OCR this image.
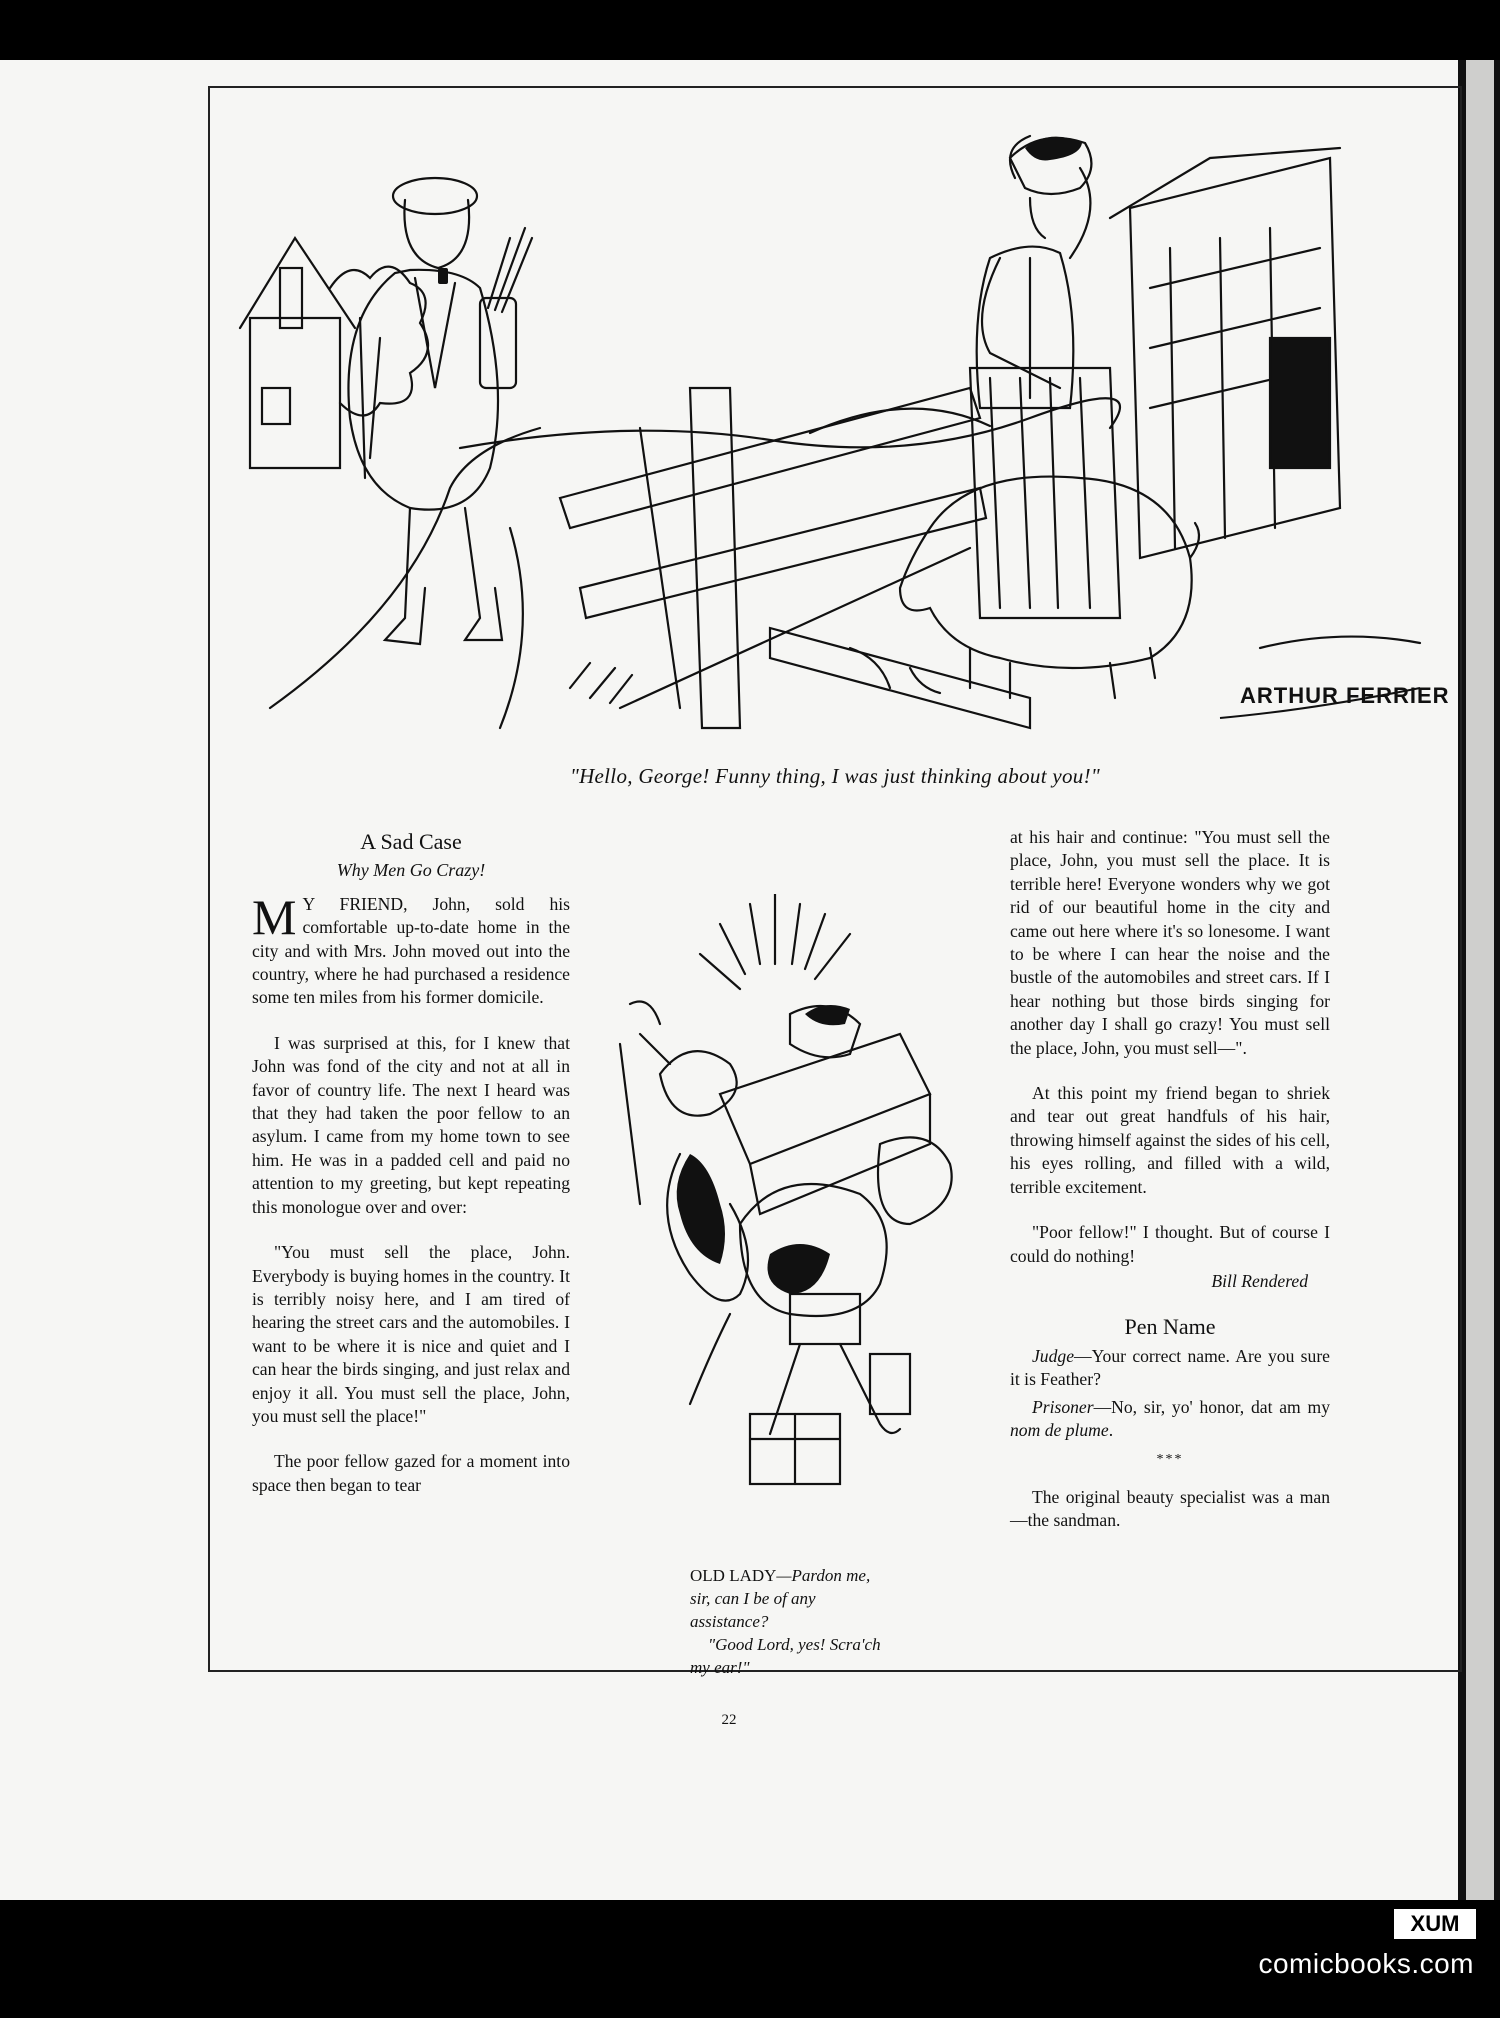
ARTHUR FERRIER
"Hello, George! Funny thing, I was just thinking about you!"
A Sad Case
Why Men Go Crazy!

M Y FRIEND, John, sold his comfortable up-to-date home in the city and with Mrs. John moved out into the country, where he had purchased a residence some ten miles from his former domicile.

I was surprised at this, for I knew that John was fond of the city and not at all in favor of country life. The next I heard was that they had taken the poor fellow to an asylum. I came from my home town to see him. He was in a padded cell and paid no attention to my greeting, but kept repeating this monologue over and over:

"You must sell the place, John. Everybody is buying homes in the country. It is terribly noisy here, and I am tired of hearing the street cars and the automobiles. I want to be where it is nice and quiet and I can hear the birds singing, and just relax and enjoy it all. You must sell the place, John, you must sell the place!"

The poor fellow gazed for a moment into space then began to tear

OLD LADY—Pardon me, sir, can I be of any assistance?
"Good Lord, yes! Scra'ch my ear!"

at his hair and continue: "You must sell the place, John, you must sell the place. It is terrible here! Everyone wonders why we got rid of our beautiful home in the city and came out here where it's so lonesome. I want to be where I can hear the noise and the bustle of the automobiles and street cars. If I hear nothing but those birds singing for another day I shall go crazy! You must sell the place, John, you must sell—".

At this point my friend began to shriek and tear out great handfuls of his hair, throwing himself against the sides of his cell, his eyes rolling, and filled with a wild, terrible excitement.

"Poor fellow!" I thought. But of course I could do nothing!

Bill Rendered

Pen Name

Judge—Your correct name. Are you sure it is Feather?

Prisoner—No, sir, yo' honor, dat am my nom de plume.

***

The original beauty specialist was a man—the sandman.

22
XUM
comicbooks.com
